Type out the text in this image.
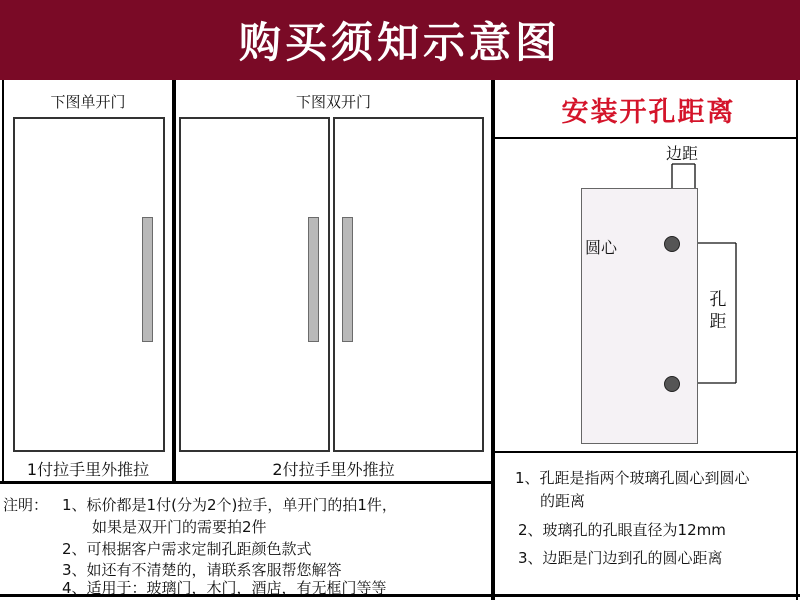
购买须知示意图
下图单开门
1付拉手里外推拉
下图双开门
2付拉手里外推拉
注明： 1、标价都是1付(分为2个)拉手，单开门的拍1件，
如果是双开门的需要拍2件
2、可根据客户需求定制孔距颜色款式
3、如还有不清楚的，请联系客服帮您解答
4、适用于：玻璃门，木门，酒店，有无框门等等
安装开孔距离
边距
圆心
孔
距
1、孔距是指两个玻璃孔圆心到圆心
的距离
2、玻璃孔的孔眼直径为12mm
3、边距是门边到孔的圆心距离
